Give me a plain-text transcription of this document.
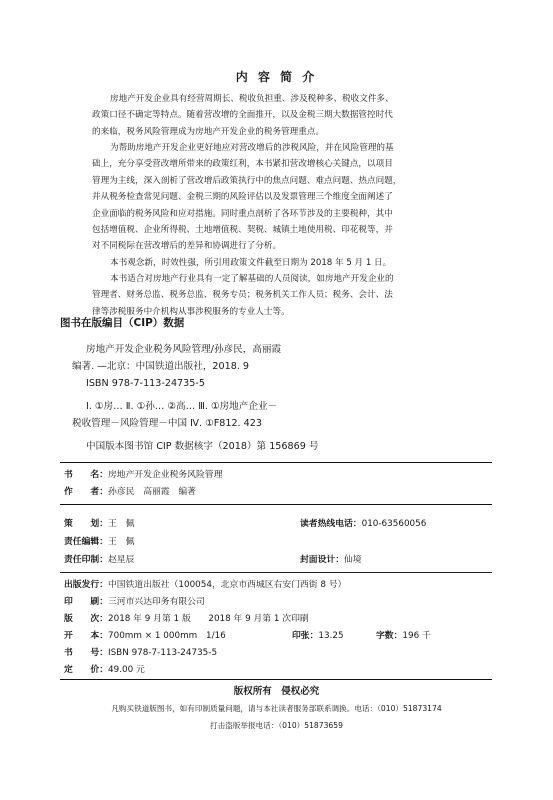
内 容 简 介
房地产开发企业具有经营周期长、税收负担重、涉及税种多、税收文件多、
政策口径不确定等特点。随着营改增的全面推开，以及金税三期大数据管控时代
的来临，税务风险管理成为房地产开发企业的税务管理重点。
为帮助房地产开发企业更好地应对营改增后的涉税风险，并在风险管理的基
础上，充分享受营改增所带来的政策红利，本书紧扣营改增核心关键点，以项目
管理为主线，深入剖析了营改增后政策执行中的焦点问题、难点问题、热点问题，
并从税务检查常见问题、金税三期的风险评估以及发票管理三个维度全面阐述了
企业面临的税务风险和应对措施。同时重点剖析了各环节涉及的主要税种，其中
包括增值税、企业所得税、土地增值税、契税、城镇土地使用税、印花税等，并
对不同税际在营改增后的差异和协调进行了分析。
本书观念新，时效性强，所引用政策文件截至日期为 2018 年 5 月 1 日。
本书适合对房地产行业具有一定了解基础的人员阅读，如房地产开发企业的
管理者、财务总监、税务总监、税务专员；税务机关工作人员；税务、会计、法
律等涉税服务中介机构从事涉税服务的专业人士等。
图书在版编目（CIP）数据
房地产开发企业税务风险管理/孙彦民，高丽霞
编著. —北京：中国铁道出版社，2018. 9
ISBN 978-7-113-24735-5
Ⅰ. ①房… Ⅱ. ①孙… ②高… Ⅲ. ①房地产企业－
税收管理－风险管理－中国 Ⅳ. ①F812. 423
中国版本图书馆 CIP 数据核字（2018）第 156869 号
书　　名：房地产开发企业税务风险管理
作　　者：孙彦民　高丽霞　编著
策　　划：王　佩	读者热线电话：010-63560056
责任编辑：王　佩
责任印制：赵星辰	封面设计：仙境
出版发行：中国铁道出版社（100054，北京市西城区右安门西街 8 号）
印　　刷：三河市兴达印务有限公司
版　　次：2018 年 9 月第 1 版　　2018 年 9 月第 1 次印刷
开　　本：700mm × 1 000mm　1/16	印张：13.25	字数：196 千
书　　号：ISBN 978-7-113-24735-5
定　　价：49.00 元
版权所有　侵权必究
凡购买铁道版图书，如有印制质量问题，请与本社读者服务部联系调换。电话：（010）51873174
打击盗版举报电话：（010）51873659
